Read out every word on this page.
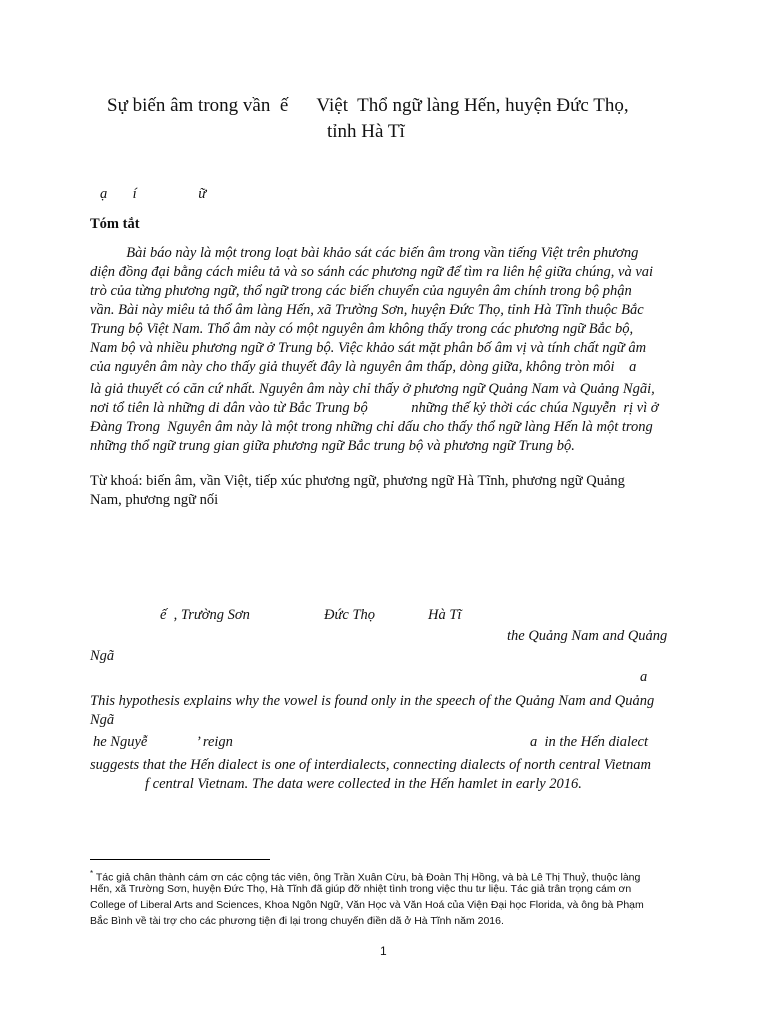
Sự biến âm trong vần  ế      Việt  Thổ ngữ làng Hến, huyện Đức Thọ,
tỉnh Hà Tĩ
ạ       í                 ữ
Tóm tắt
Bài báo này là một trong loạt bài khảo sát các biến âm trong vần tiếng Việt trên phương
diện đồng đại bằng cách miêu tả và so sánh các phương ngữ để tìm ra liên hệ giữa chúng, và vai
trò của từng phương ngữ, thổ ngữ trong các biến chuyển của nguyên âm chính trong bộ phận
vần. Bài này miêu tả thổ âm làng Hến, xã Trường Sơn, huyện Đức Thọ, tỉnh Hà Tĩnh thuộc Bắc
Trung bộ Việt Nam. Thổ âm này có một nguyên âm không thấy trong các phương ngữ Bắc bộ,
Nam bộ và nhiều phương ngữ ở Trung bộ. Việc khảo sát mặt phân bố âm vị và tính chất ngữ âm
của nguyên âm này cho thấy giả thuyết đây là nguyên âm thấp, dòng giữa, không tròn môi    ɑ
là giả thuyết có căn cứ nhất. Nguyên âm này chỉ thấy ở phương ngữ Quảng Nam và Quảng Ngãi,
nơi tổ tiên là những di dân vào từ Bắc Trung bộ            những thế kỷ thời các chúa Nguyễn  rị vì ở
Đàng Trong  Nguyên âm này là một trong những chỉ dấu cho thấy thổ ngữ làng Hến là một trong
những thổ ngữ trung gian giữa phương ngữ Bắc trung bộ và phương ngữ Trung bộ.
Từ khoá: biến âm, vần Việt, tiếp xúc phương ngữ, phương ngữ Hà Tĩnh, phương ngữ Quảng
Nam, phương ngữ nối
ế  , Trường Sơn	Đức Thọ	Hà Tĩ
the Quảng Nam and Quảng
Ngã
a
This hypothesis explains why the vowel is found only in the speech of the Quảng Nam and Quảng
Ngã
he Nguyễ	’ reign	a  in the Hến dialect
suggests that the Hến dialect is one of interdialects, connecting dialects of north central Vietnam
f central Vietnam. The data were collected in the Hến hamlet in early 2016.
* Tác giả chân thành cám ơn các cộng tác viên, ông Trần Xuân Cừu, bà Đoàn Thị Hồng, và bà Lê Thị Thuỷ, thuộc làng
Hến, xã Trường Sơn, huyện Đức Thọ, Hà Tĩnh đã giúp đỡ nhiệt tình trong việc thu tư liệu. Tác giả trân trọng cám ơn
College of Liberal Arts and Sciences, Khoa Ngôn Ngữ, Văn Học và Văn Hoá của Viện Đại học Florida, và ông bà Phạm
Bắc Bình về tài trợ cho các phương tiện đi lại trong chuyến điền dã ở Hà Tĩnh năm 2016.
1
